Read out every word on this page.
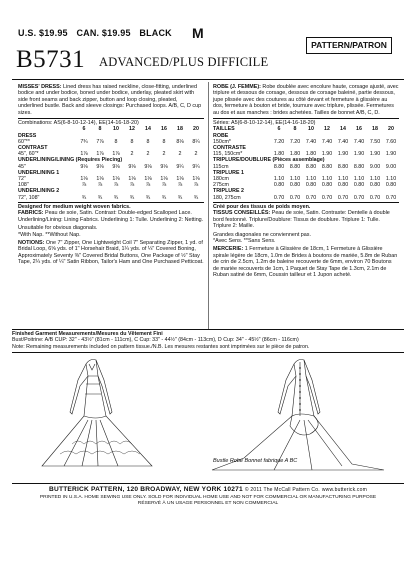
U.S. $19.95 CAN. $19.95 BLACK	M
PATTERN/PATRON
B5731 ADVANCED/PLUS DIFFICILE
MISSES' DRESS: Lined dress has raised neckline, close-fitting, underlined bodice and under bodice, boned under bodice, underlay, pleated skirt with side front seams and back zipper, button and loop closing, pleated, underlined bustle. Back and sleeve closings: Purchased loops. A/B, C, D cup sizes.
Combinations: AS(6-8-10-12-14), EE(14-16-18-20)
	6	8	10	12	14	16	18	20
DRESS								
60"**	7¾	7⅞	8	8	8	8	8⅛	8¼
CONTRAST								
45", 60"*	1⅞	1⅞	1⅞	2	2	2	2	2
UNDERLINING/LINING (Requires Piecing)								
45"	9⅛	9⅛	9⅛	9⅛	9⅛	9⅛	9¼	9¼
UNDERLINING 1								
72"	1⅛	1⅛	1⅛	1⅛	1⅛	1⅛	1⅛	1⅛
108"	⅞	⅞	⅞	⅞	⅞	⅞	⅞	⅞
UNDERLINING 2								
72", 108"	¾	¾	¾	¾	¾	¾	¾	¾
Designed for medium weight woven fabrics.
FABRICS: Peau de soie, Satin. Contrast: Double-edged Scalloped Lace. Underlining/Lining: Lining Fabrics. Underlining 1: Tulle. Underlining 2: Netting.
Unsuitable for obvious diagonals.
*With Nap. **Without Nap.
NOTIONS: One 7" Zipper, One Lightweight Coil 7" Separating Zipper, 1 yd. of Bridal Loop, 6⅝ yds. of 1" Horsehair Braid, 1¼ yds. of ¼" Covered Boning, Approximately Seventy ⅜" Covered Bridal Buttons, One Package of ½" Stay Tape, 2¼ yds. of ¼" Satin Ribbon, Tailor's Ham and One Purchased Petticoat.
ROBE (J. FEMME): Robe doublée avec encolure haute, corsage ajusté, avec triplure et dessous de corsage, dessous de corsage baleiné, partie dessous, jupe plissée avec des coutures au côté devant et fermeture à glissière au dos, fermeture à bouton et bride, tournure avec triplure, plissée. Fermetures au dos et aux manches : brides achetées. Tailles de bonnet A/B, C, D.
Séries: A5(6-8-10-12-14), EE(14-16-18-20)
TAILLES	6	8	10	12	14	16	18	20
ROBE								
150cm*	7.20	7.20	7.40	7.40	7.40	7.40	7.50	7.60
CONTRASTE								
115, 150cm*	1.80	1.80	1.80	1.90	1.90	1.90	1.90	1.90
TRIPLURE/DOUBLURE (Pièces assemblage)								
115cm	8.80	8.80	8.80	8.80	8.80	8.80	9.00	9.00
TRIPLURE 1								
180cm	1.10	1.10	1.10	1.10	1.10	1.10	1.10	1.10
275cm	0.80	0.80	0.80	0.80	0.80	0.80	0.80	0.80
TRIPLURE 2								
180, 275cm	0.70	0.70	0.70	0.70	0.70	0.70	0.70	0.70
Créé pour des tissus de poids moyen.
TISSUS CONSEILLÉS: Peau de soie, Satin. Contraste: Dentelle à double bord festonné. Triplure/Doublure: Tissus de doublure. Triplure 1: Tulle. Triplure 2: Maille.
Grandes diagonales ne conviennent pas.
*Avec Sens. **Sans Sens.
MERCERIE: 1 Fermeture à Glissière de 18cm, 1 Fermeture à Glissière spirale légère de 18cm, 1.0m de Brides à boutons de mariée, 5.8m de Ruban de crin de 2.5cm, 1.2m de baleine recouverte de 6mm, environ 70 Boutons de mariée recouverts de 1cm, 1 Paquet de Stay Tape de 1.3cm, 2.1m de Ruban satiné de 6mm, Coussin tailleur et 1 Jupon acheté.
Finished Garment Measurements/Mesures du Vêtement Fini
Bust/Poitrine: A/B CUP: 32" - 43½" (81cm - 111cm), C Cup: 33" - 44½" (84cm - 113cm), D Cup: 34" - 45½" (86cm - 116cm)
Note: Remaining measurements included on pattern tissue./N.B. Les mesures restantes sont imprimées sur le pièce de patron.
Bustle Robe Bonnet fabrique A BC
BUTTERICK PATTERN, 120 BROADWAY, NEW YORK 10271 © 2011 The McCall Pattern Co. www.butterick.com
PRINTED IN U.S.A. HOME SEWING USE ONLY. SOLD FOR INDIVIDUAL HOME USE AND NOT FOR COMMERCIAL OR MANUFACTURING PURPOSE
RÉSERVÉ À UN USAGE PERSONNEL ET NON COMMERCIAL
